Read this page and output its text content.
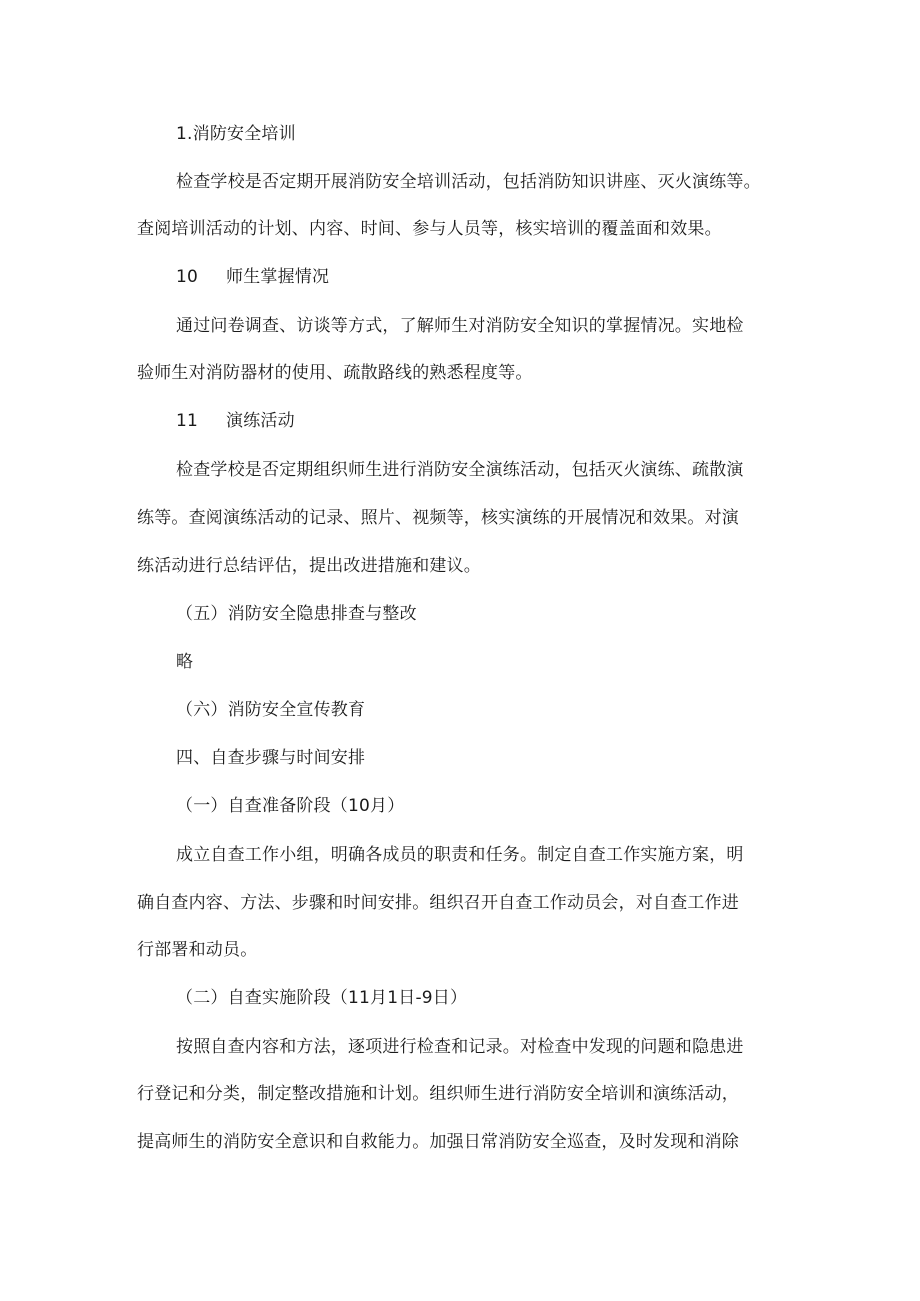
1.消防安全培训
检查学校是否定期开展消防安全培训活动，包括消防知识讲座、灭火演练等。
查阅培训活动的计划、内容、时间、参与人员等，核实培训的覆盖面和效果。
10 师生掌握情况
通过问卷调查、访谈等方式，了解师生对消防安全知识的掌握情况。实地检
验师生对消防器材的使用、疏散路线的熟悉程度等。
11 演练活动
检查学校是否定期组织师生进行消防安全演练活动，包括灭火演练、疏散演
练等。查阅演练活动的记录、照片、视频等，核实演练的开展情况和效果。对演
练活动进行总结评估，提出改进措施和建议。
（五）消防安全隐患排查与整改
略
（六）消防安全宣传教育
四、自查步骤与时间安排
（一）自查准备阶段（10月）
成立自查工作小组，明确各成员的职责和任务。制定自查工作实施方案，明
确自查内容、方法、步骤和时间安排。组织召开自查工作动员会，对自查工作进
行部署和动员。
（二）自查实施阶段（11月1日-9日）
按照自查内容和方法，逐项进行检查和记录。对检查中发现的问题和隐患进
行登记和分类，制定整改措施和计划。组织师生进行消防安全培训和演练活动，
提高师生的消防安全意识和自救能力。加强日常消防安全巡查，及时发现和消除
